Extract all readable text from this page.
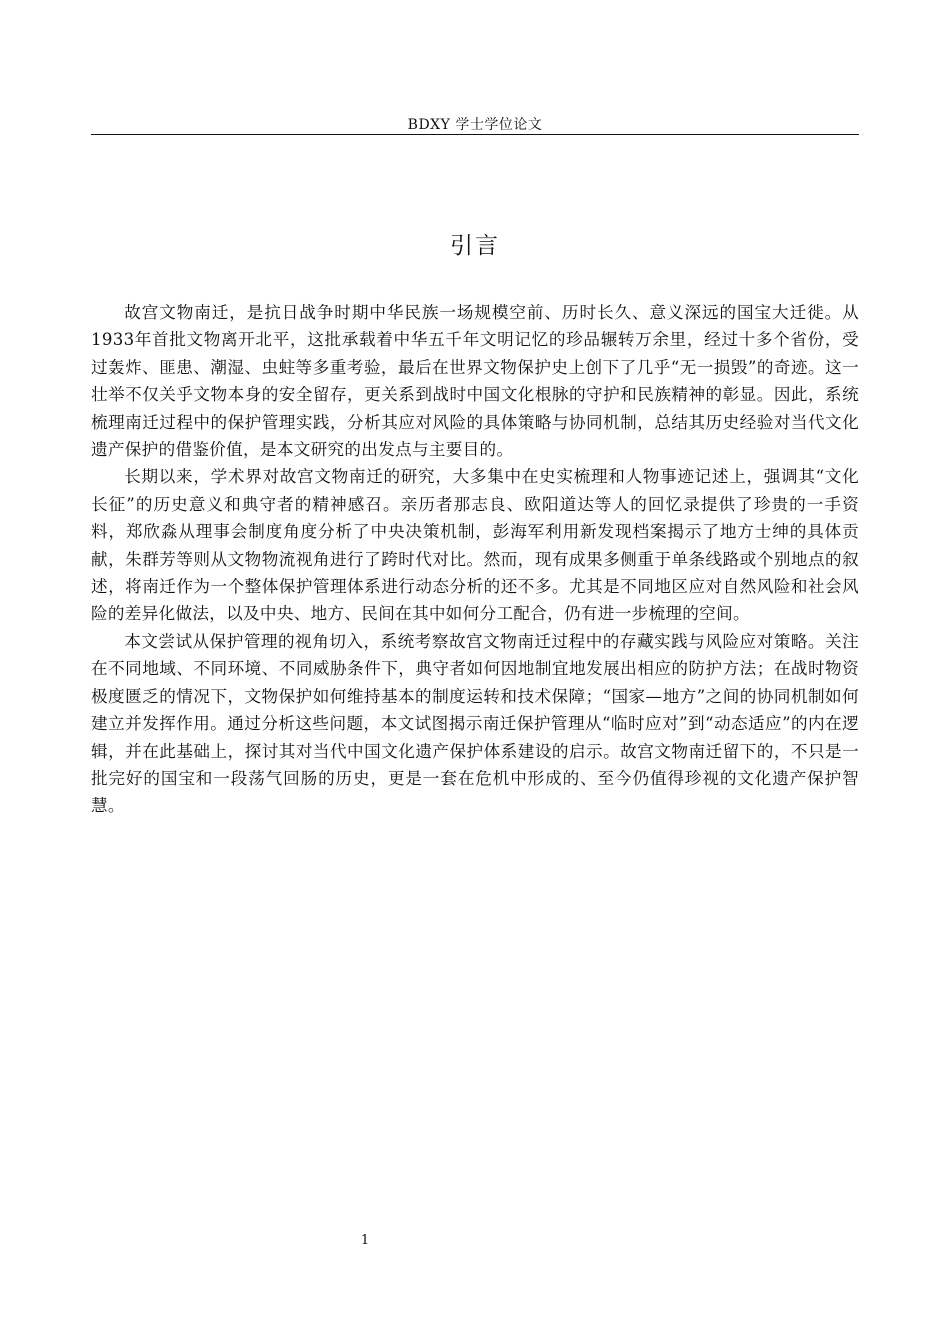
BDXY 学士学位论文
引言

故宫文物南迁，是抗日战争时期中华民族一场规模空前、历时长久、意义深远的国宝大迁徙。从1933年首批文物离开北平，这批承载着中华五千年文明记忆的珍品辗转万余里，经过十多个省份，受过轰炸、匪患、潮湿、虫蛀等多重考验，最后在世界文物保护史上创下了几乎“无一损毁”的奇迹。这一壮举不仅关乎文物本身的安全留存，更关系到战时中国文化根脉的守护和民族精神的彰显。因此，系统梳理南迁过程中的保护管理实践，分析其应对风险的具体策略与协同机制，总结其历史经验对当代文化遗产保护的借鉴价值，是本文研究的出发点与主要目的。

长期以来，学术界对故宫文物南迁的研究，大多集中在史实梳理和人物事迹记述上，强调其“文化长征”的历史意义和典守者的精神感召。亲历者那志良、欧阳道达等人的回忆录提供了珍贵的一手资料，郑欣淼从理事会制度角度分析了中央决策机制，彭海军利用新发现档案揭示了地方士绅的具体贡献，朱群芳等则从文物物流视角进行了跨时代对比。然而，现有成果多侧重于单条线路或个别地点的叙述，将南迁作为一个整体保护管理体系进行动态分析的还不多。尤其是不同地区应对自然风险和社会风险的差异化做法，以及中央、地方、民间在其中如何分工配合，仍有进一步梳理的空间。

本文尝试从保护管理的视角切入，系统考察故宫文物南迁过程中的存藏实践与风险应对策略。关注在不同地域、不同环境、不同威胁条件下，典守者如何因地制宜地发展出相应的防护方法；在战时物资极度匮乏的情况下，文物保护如何维持基本的制度运转和技术保障；“国家—地方”之间的协同机制如何建立并发挥作用。通过分析这些问题，本文试图揭示南迁保护管理从“临时应对”到“动态适应”的内在逻辑，并在此基础上，探讨其对当代中国文化遗产保护体系建设的启示。故宫文物南迁留下的，不只是一批完好的国宝和一段荡气回肠的历史，更是一套在危机中形成的、至今仍值得珍视的文化遗产保护智慧。

1
